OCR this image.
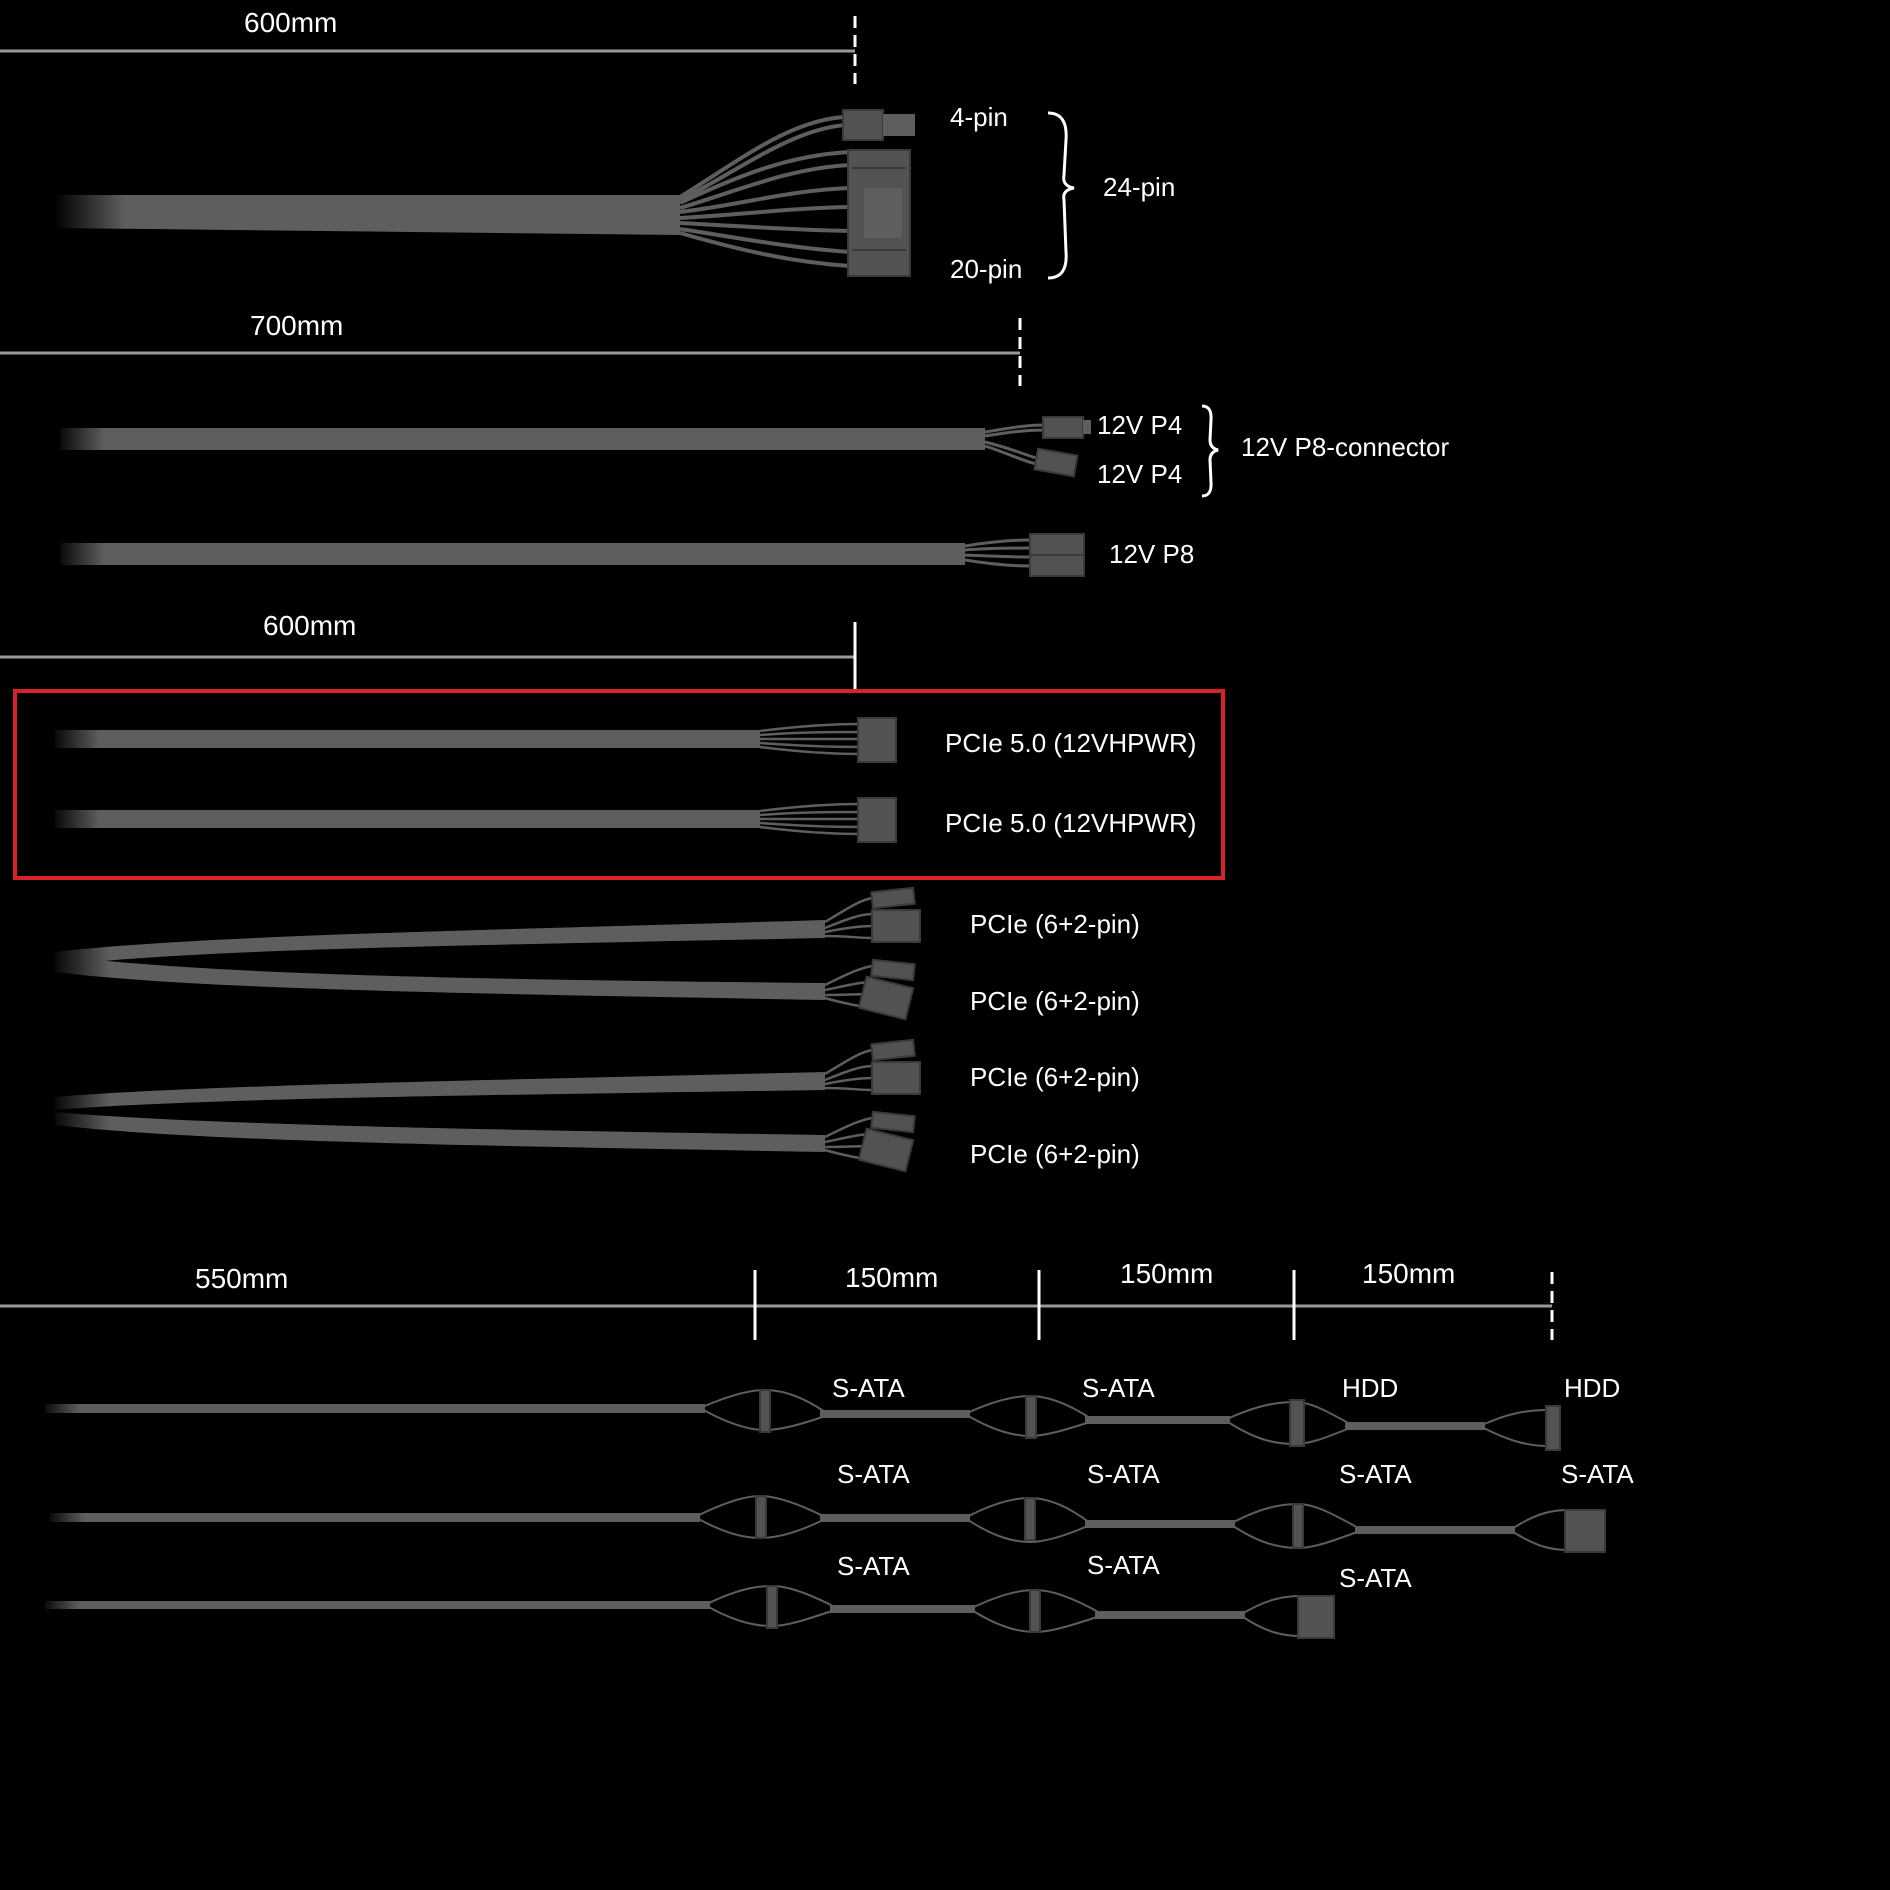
600mm
4-pin
20-pin
24-pin
700mm
12V P4
12V P4
12V P8-connector
12V P8
600mm
PCIe 5.0 (12VHPWR)
PCIe 5.0 (12VHPWR)
PCIe (6+2-pin)
PCIe (6+2-pin)
PCIe (6+2-pin)
PCIe (6+2-pin)
550mm	150mm	150mm	150mm
S-ATA	S-ATA	HDD	HDD
S-ATA	S-ATA	S-ATA	S-ATA
S-ATA	S-ATA	S-ATA
